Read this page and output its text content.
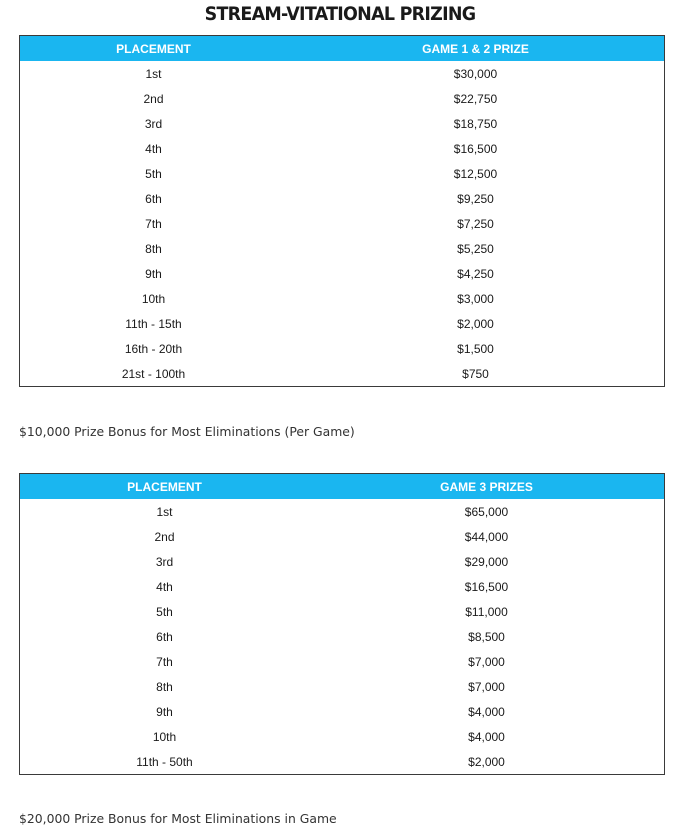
STREAM-VITATIONAL PRIZING
PLACEMENT	GAME 1 & 2 PRIZE
1st	$30,000
2nd	$22,750
3rd	$18,750
4th	$16,500
5th	$12,500
6th	$9,250
7th	$7,250
8th	$5,250
9th	$4,250
10th	$3,000
11th - 15th	$2,000
16th - 20th	$1,500
21st - 100th	$750
$10,000 Prize Bonus for Most Eliminations (Per Game)
PLACEMENT	GAME 3 PRIZES
1st	$65,000
2nd	$44,000
3rd	$29,000
4th	$16,500
5th	$11,000
6th	$8,500
7th	$7,000
8th	$7,000
9th	$4,000
10th	$4,000
11th - 50th	$2,000
$20,000 Prize Bonus for Most Eliminations in Game
